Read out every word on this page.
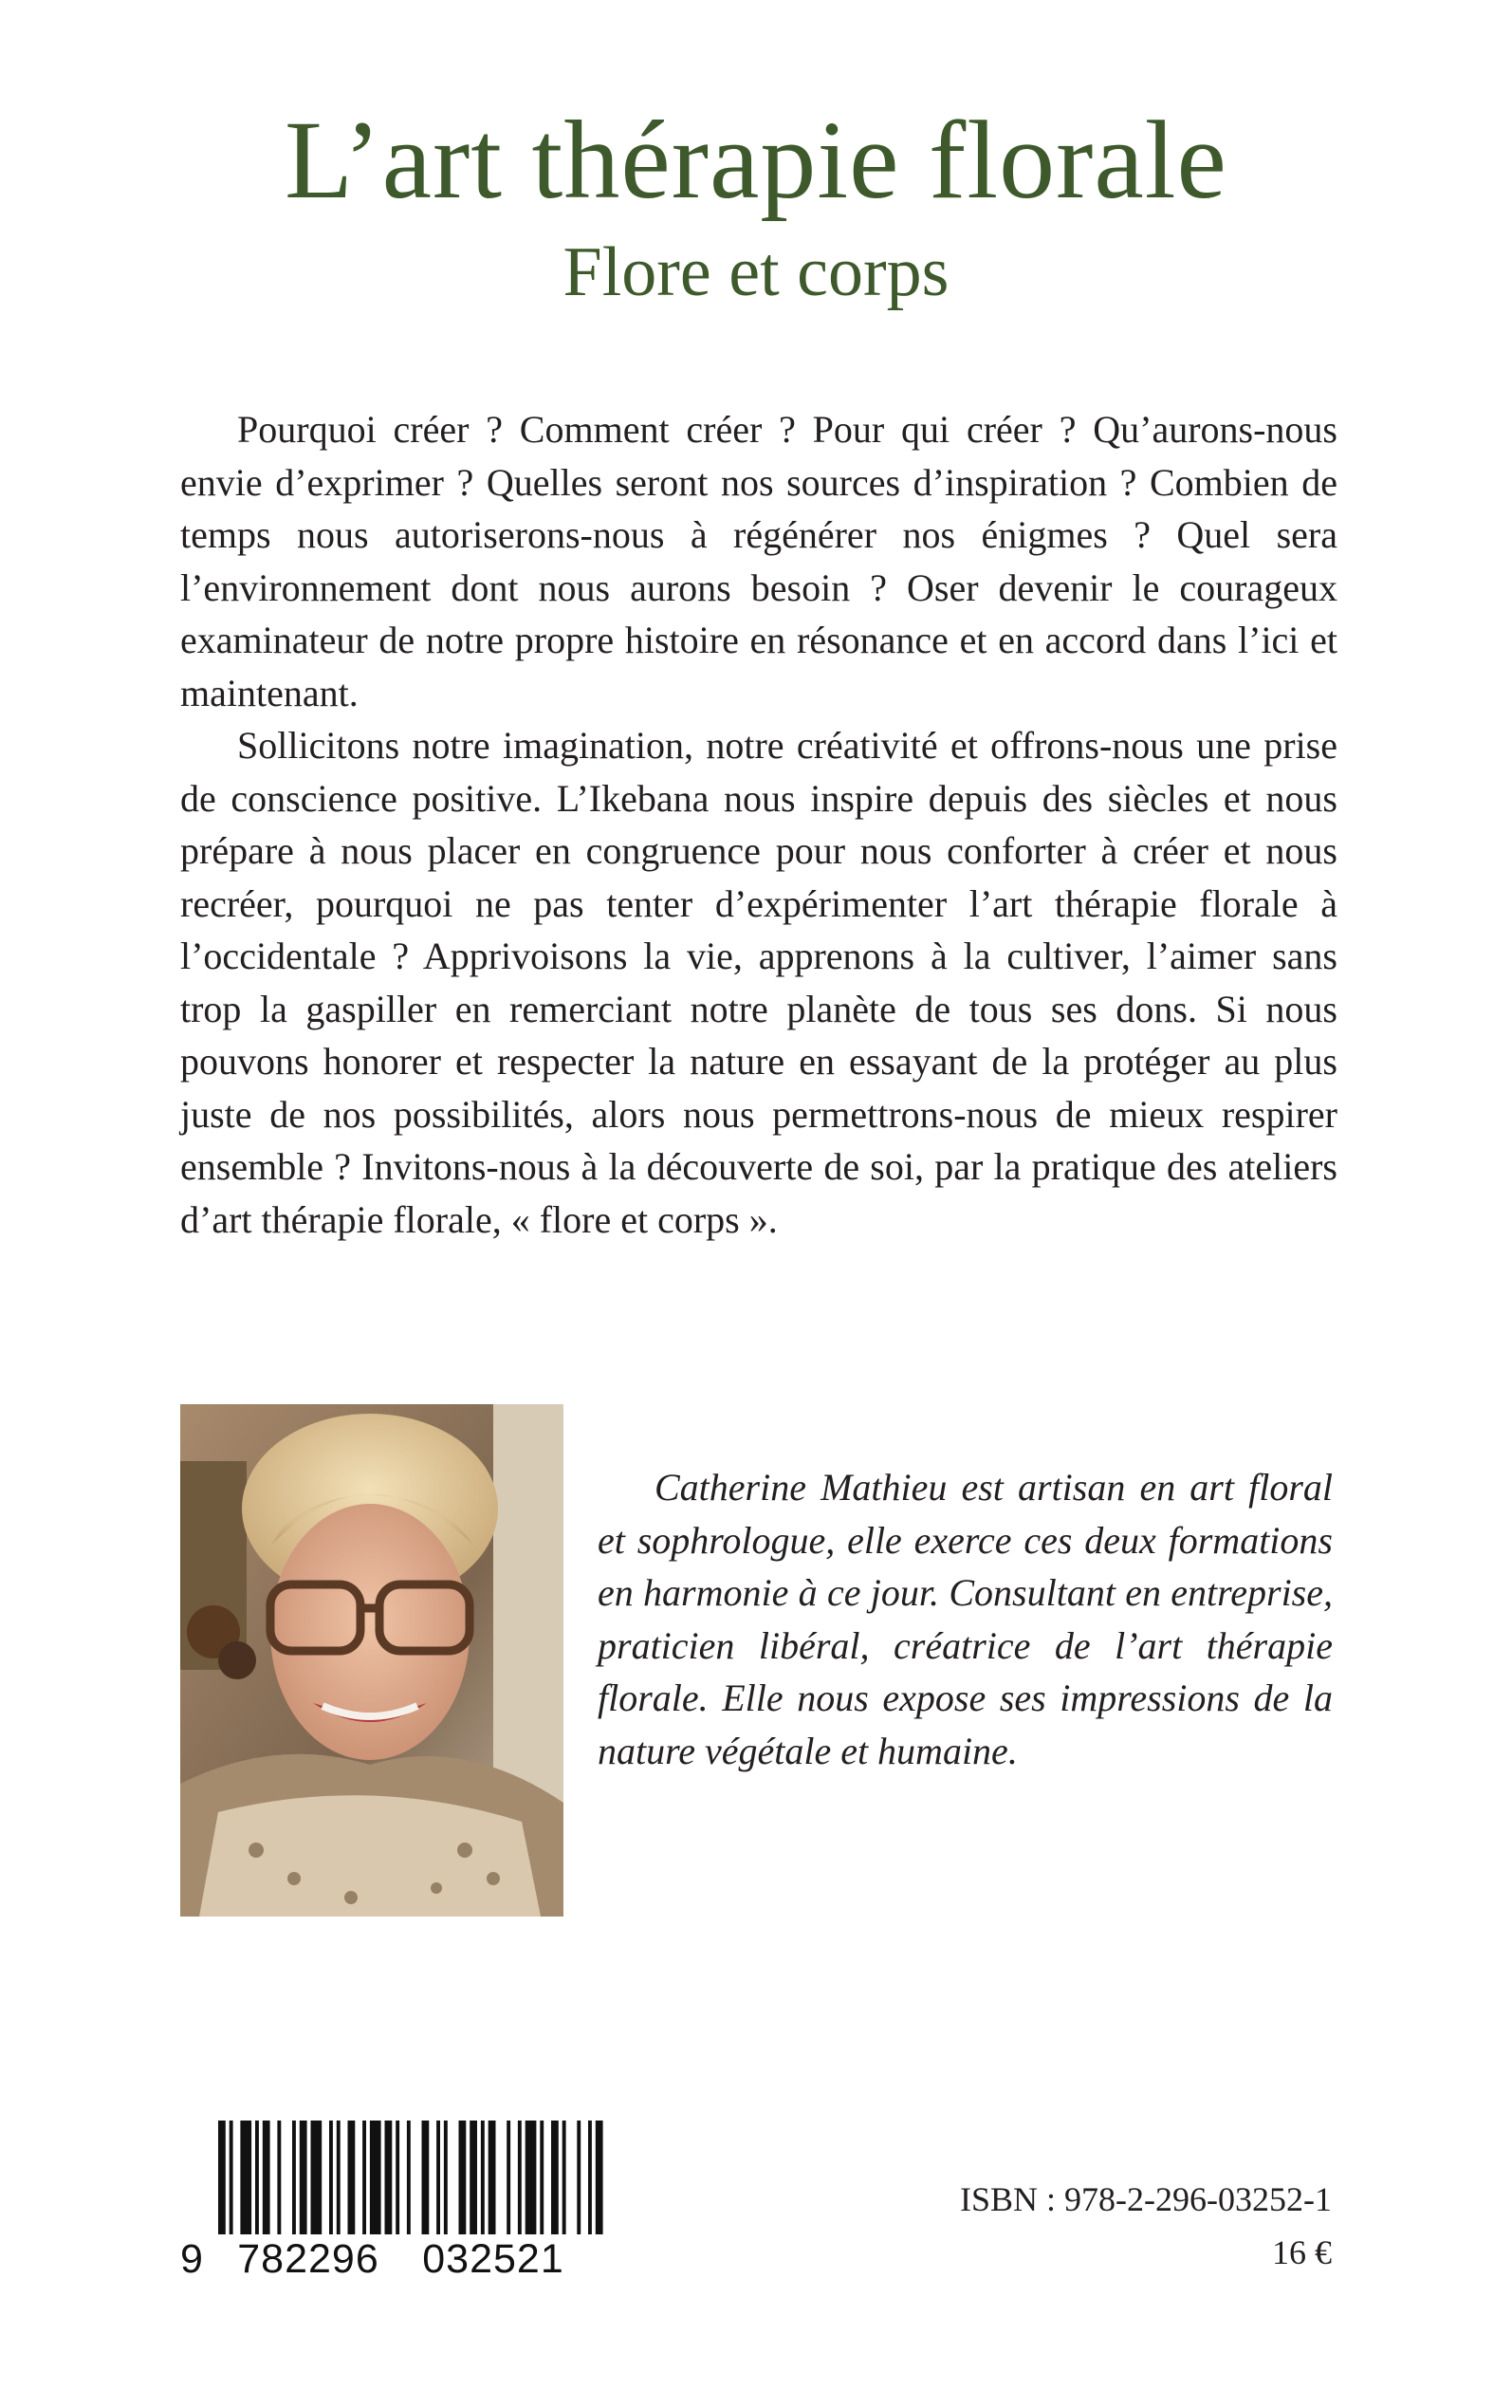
L’art thérapie florale
Flore et corps

Pourquoi créer ? Comment créer ? Pour qui créer ? Qu’aurons-nous envie d’exprimer ? Quelles seront nos sources d’inspiration ? Combien de temps nous autoriserons-nous à régénérer nos énigmes ? Quel sera l’environnement dont nous aurons besoin ? Oser devenir le courageux examinateur de notre propre histoire en résonance et en accord dans l’ici et maintenant.

Sollicitons notre imagination, notre créativité et offrons-nous une prise de conscience positive. L’Ikebana nous inspire depuis des siècles et nous prépare à nous placer en congruence pour nous conforter à créer et nous recréer, pourquoi ne pas tenter d’expérimenter l’art thérapie florale à l’occidentale ? Apprivoisons la vie, apprenons à la cultiver, l’aimer sans trop la gaspiller en remerciant notre planète de tous ses dons. Si nous pouvons honorer et respecter la nature en essayant de la protéger au plus juste de nos possibilités, alors nous permettrons-nous de mieux respirer ensemble ? Invitons-nous à la découverte de soi, par la pratique des ateliers d’art thérapie florale, « flore et corps ».

Catherine Mathieu est artisan en art floral et sophrologue, elle exerce ces deux formations en harmonie à ce jour. Consultant en entreprise, praticien libéral, créatrice de l’art thérapie florale. Elle nous expose ses impressions de la nature végétale et humaine.

9 782296 032521
ISBN : 978-2-296-03252-1
16 €
